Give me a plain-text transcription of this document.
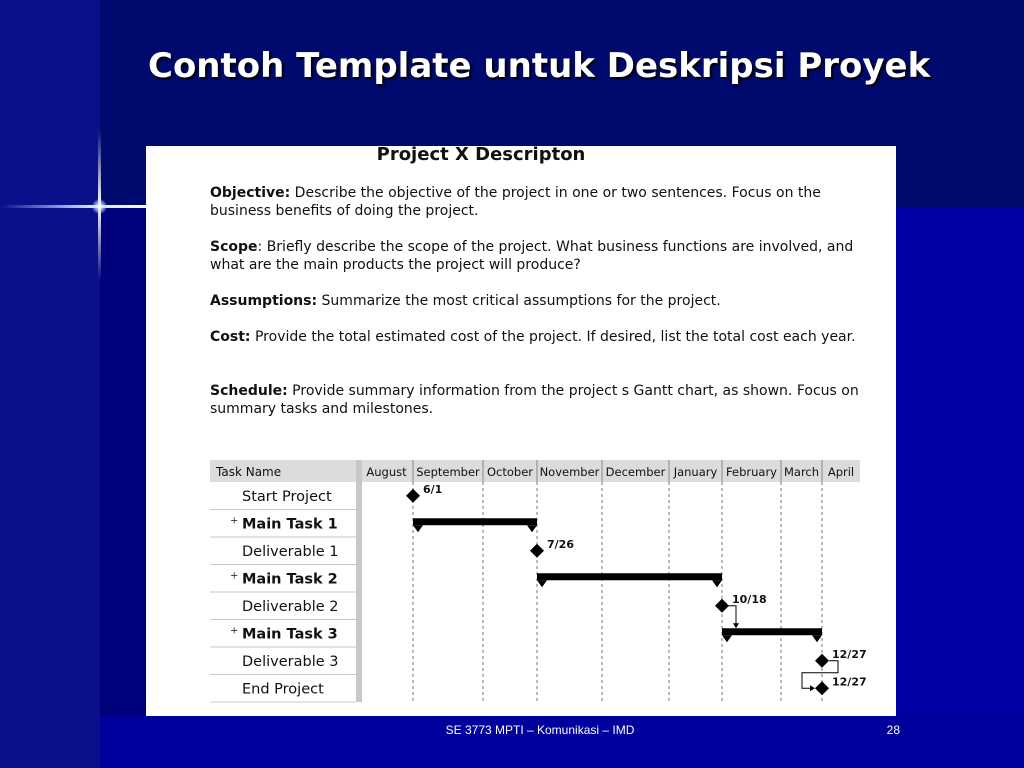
Contoh Template untuk Deskripsi Proyek
Project X Descripton

Objective: Describe the objective of the project in one or two sentences. Focus on the business benefits of doing the project.

Scope: Briefly describe the scope of the project. What business functions are involved, and what are the main products the project will produce?

Assumptions: Summarize the most critical assumptions for the project.

Cost: Provide the total estimated cost of the project. If desired, list the total cost each year.

Schedule: Provide summary information from the project s Gantt chart, as shown. Focus on summary tasks and milestones.

Task Name	August September October November December January February March April
Start Project	6/1
+ Main Task 1
Deliverable 1	7/26
+ Main Task 2
Deliverable 2	10/18
+ Main Task 3
Deliverable 3	12/27
End Project	12/27
SE 3773 MPTI – Komunikasi – IMD	28
